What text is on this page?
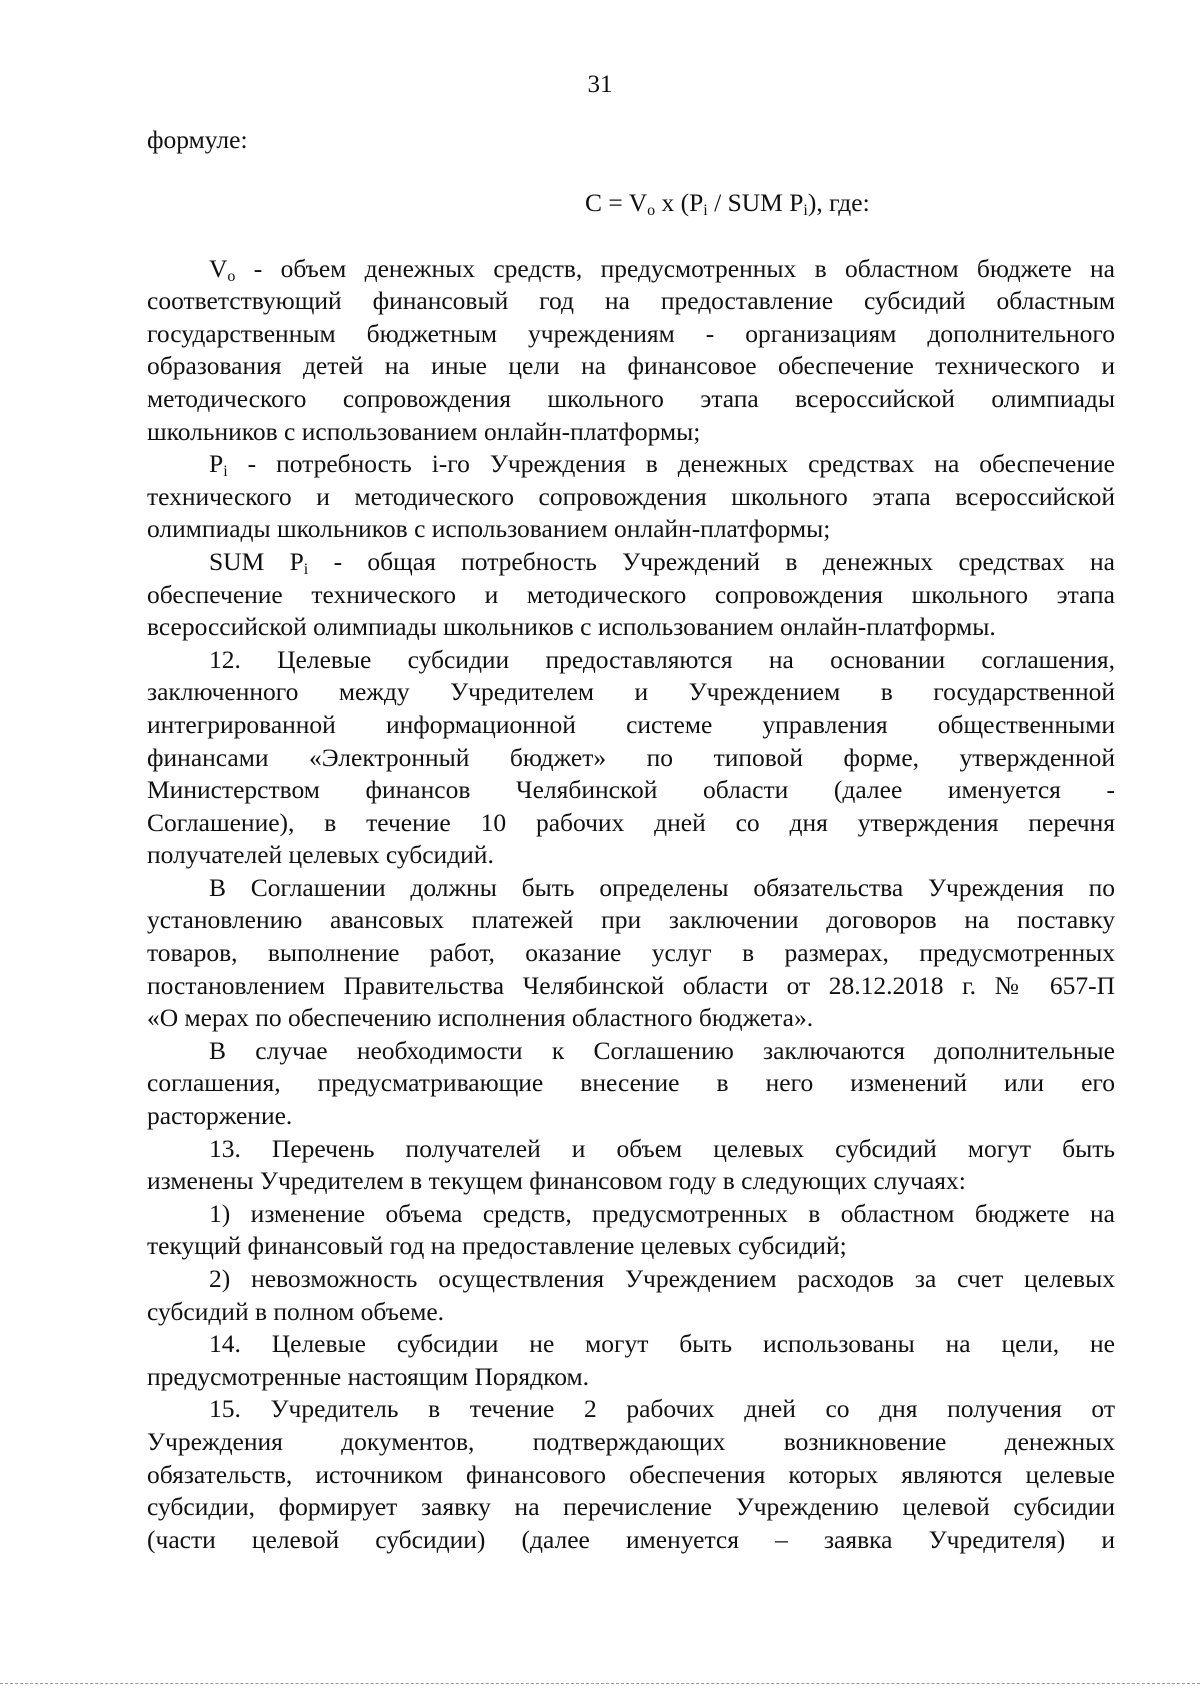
31
формуле:
$C = V_o$ x ($P_i$ / SUM $P_i$), где:
$V_o$ - объем денежных средств, предусмотренных в областном бюджете на
соответствующий финансовый год на предоставление субсидий областным
государственным бюджетным учреждениям - организациям дополнительного
образования детей на иные цели на финансовое обеспечение технического и
методического сопровождения школьного этапа всероссийской олимпиады
школьников с использованием онлайн-платформы;
$P_i$ - потребность i-го Учреждения в денежных средствах на обеспечение
технического и методического сопровождения школьного этапа всероссийской
олимпиады школьников с использованием онлайн-платформы;
SUM $P_i$ - общая потребность Учреждений в денежных средствах на
обеспечение технического и методического сопровождения школьного этапа
всероссийской олимпиады школьников с использованием онлайн-платформы.
12. Целевые субсидии предоставляются на основании соглашения,
заключенного между Учредителем и Учреждением в государственной
интегрированной информационной системе управления общественными
финансами «Электронный бюджет» по типовой форме, утвержденной
Министерством финансов Челябинской области (далее именуется -
Соглашение), в течение 10 рабочих дней со дня утверждения перечня
получателей целевых субсидий.
В Соглашении должны быть определены обязательства Учреждения по
установлению авансовых платежей при заключении договоров на поставку
товаров, выполнение работ, оказание услуг в размерах, предусмотренных
постановлением Правительства Челябинской области от 28.12.2018 г. № 657-П
«О мерах по обеспечению исполнения областного бюджета».
В случае необходимости к Соглашению заключаются дополнительные
соглашения, предусматривающие внесение в него изменений или его
расторжение.
13. Перечень получателей и объем целевых субсидий могут быть
изменены Учредителем в текущем финансовом году в следующих случаях:
1) изменение объема средств, предусмотренных в областном бюджете на
текущий финансовый год на предоставление целевых субсидий;
2) невозможность осуществления Учреждением расходов за счет целевых
субсидий в полном объеме.
14. Целевые субсидии не могут быть использованы на цели, не
предусмотренные настоящим Порядком.
15. Учредитель в течение 2 рабочих дней со дня получения от
Учреждения документов, подтверждающих возникновение денежных
обязательств, источником финансового обеспечения которых являются целевые
субсидии, формирует заявку на перечисление Учреждению целевой субсидии
(части целевой субсидии) (далее именуется – заявка Учредителя) и
